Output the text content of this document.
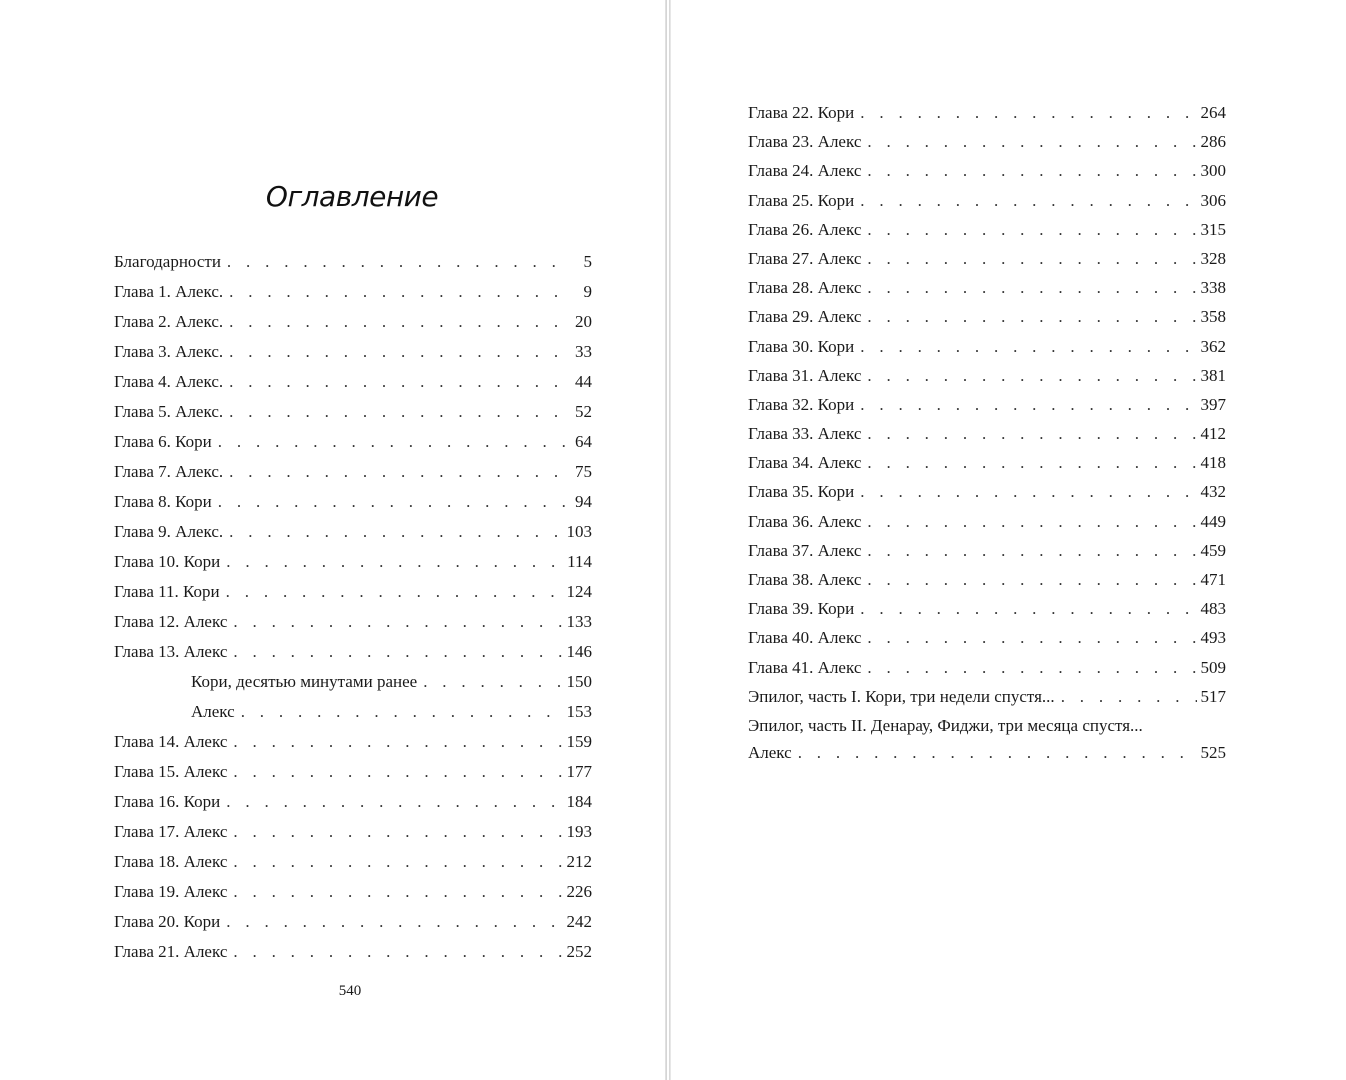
Оглавление
Благодарности . . .	5
Глава 1. Алекс. . . .	9
Глава 2. Алекс. . . .	20
Глава 3. Алекс. . . .	33
Глава 4. Алекс. . . .	44
Глава 5. Алекс. . . .	52
Глава 6. Кори . . .	64
Глава 7. Алекс. . . .	75
Глава 8. Кори . . .	94
Глава 9. Алекс. . . .	103
Глава 10. Кори . . .	114
Глава 11. Кори . . .	124
Глава 12. Алекс . . .	133
Глава 13. Алекс . . .	146
Кори, десятью минутами ранее . . .	150
Алекс . . .	153
Глава 14. Алекс . . .	159
Глава 15. Алекс . . .	177
Глава 16. Кори . . .	184
Глава 17. Алекс . . .	193
Глава 18. Алекс . . .	212
Глава 19. Алекс . . .	226
Глава 20. Кори . . .	242
Глава 21. Алекс . . .	252
540
Глава 22. Кори . . .	264
Глава 23. Алекс . . .	286
Глава 24. Алекс . . .	300
Глава 25. Кори . . .	306
Глава 26. Алекс . . .	315
Глава 27. Алекс . . .	328
Глава 28. Алекс . . .	338
Глава 29. Алекс . . .	358
Глава 30. Кори . . .	362
Глава 31. Алекс . . .	381
Глава 32. Кори . . .	397
Глава 33. Алекс . . .	412
Глава 34. Алекс . . .	418
Глава 35. Кори . . .	432
Глава 36. Алекс . . .	449
Глава 37. Алекс . . .	459
Глава 38. Алекс . . .	471
Глава 39. Кори . . .	483
Глава 40. Алекс . . .	493
Глава 41. Алекс . . .	509
Эпилог, часть I. Кори, три недели спустя... . . .	517
Эпилог, часть II. Денарау, Фиджи, три месяца спустя...
Алекс . . .	525
